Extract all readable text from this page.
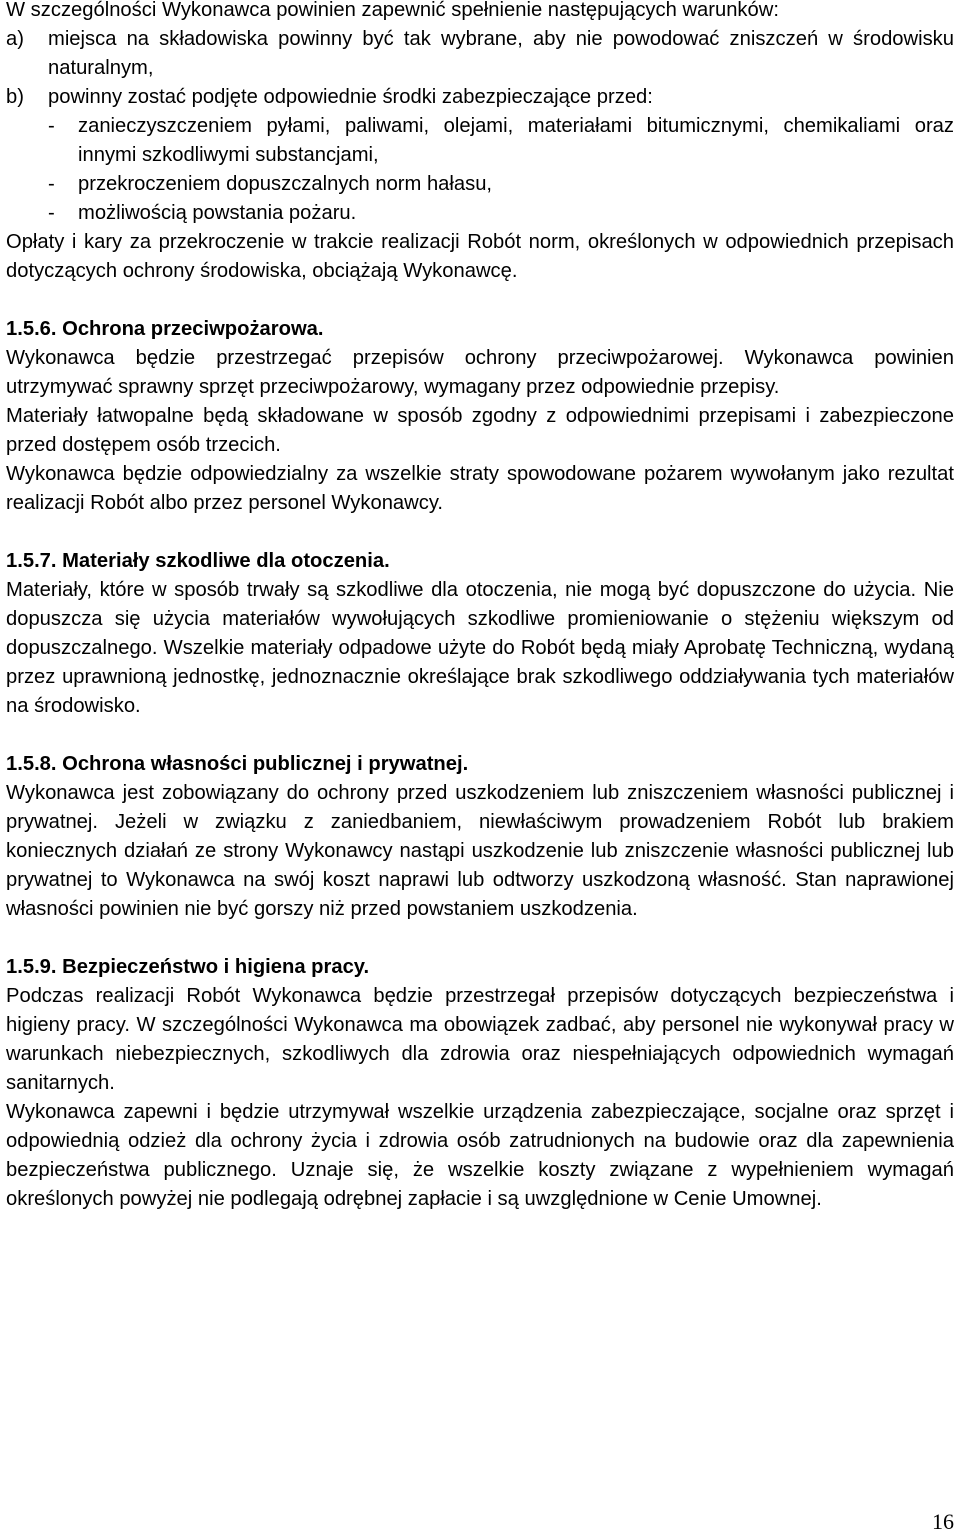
W szczególności Wykonawca powinien zapewnić spełnienie następujących warunków:

a) miejsca na składowiska powinny być tak wybrane, aby nie powodować zniszczeń w środowisku naturalnym,
b) powinny zostać podjęte odpowiednie środki zabezpieczające przed:
- zanieczyszczeniem pyłami, paliwami, olejami, materiałami bitumicznymi, chemikaliami oraz innymi szkodliwymi substancjami,
- przekroczeniem dopuszczalnych norm hałasu,
- możliwością powstania pożaru.

Opłaty i kary za przekroczenie w trakcie realizacji Robót norm, określonych w odpowiednich przepisach dotyczących ochrony środowiska, obciążają Wykonawcę.

1.5.6. Ochrona przeciwpożarowa.

Wykonawca będzie przestrzegać przepisów ochrony przeciwpożarowej. Wykonawca powinien utrzymywać sprawny sprzęt przeciwpożarowy, wymagany przez odpowiednie przepisy.

Materiały łatwopalne będą składowane w sposób zgodny z odpowiednimi przepisami i zabezpieczone przed dostępem osób trzecich.

Wykonawca będzie odpowiedzialny za wszelkie straty spowodowane pożarem wywołanym jako rezultat realizacji Robót albo przez personel Wykonawcy.

1.5.7. Materiały szkodliwe dla otoczenia.

Materiały, które w sposób trwały są szkodliwe dla otoczenia, nie mogą być dopuszczone do użycia. Nie dopuszcza się użycia materiałów wywołujących szkodliwe promieniowanie o stężeniu większym od dopuszczalnego. Wszelkie materiały odpadowe użyte do Robót będą miały Aprobatę Techniczną, wydaną przez uprawnioną jednostkę, jednoznacznie określające brak szkodliwego oddziaływania tych materiałów na środowisko.

1.5.8. Ochrona własności publicznej i prywatnej.

Wykonawca jest zobowiązany do ochrony przed uszkodzeniem lub zniszczeniem własności publicznej i prywatnej. Jeżeli w związku z zaniedbaniem, niewłaściwym prowadzeniem Robót lub brakiem koniecznych działań ze strony Wykonawcy nastąpi uszkodzenie lub zniszczenie własności publicznej lub prywatnej to Wykonawca na swój koszt naprawi lub odtworzy uszkodzoną własność. Stan naprawionej własności powinien nie być gorszy niż przed powstaniem uszkodzenia.

1.5.9. Bezpieczeństwo i higiena pracy.

Podczas realizacji Robót Wykonawca będzie przestrzegał przepisów dotyczących bezpieczeństwa i higieny pracy. W szczególności Wykonawca ma obowiązek zadbać, aby personel nie wykonywał pracy w warunkach niebezpiecznych, szkodliwych dla zdrowia oraz niespełniających odpowiednich wymagań sanitarnych.

Wykonawca zapewni i będzie utrzymywał wszelkie urządzenia zabezpieczające, socjalne oraz sprzęt i odpowiednią odzież dla ochrony życia i zdrowia osób zatrudnionych na budowie oraz dla zapewnienia bezpieczeństwa publicznego. Uznaje się, że wszelkie koszty związane z wypełnieniem wymagań określonych powyżej nie podlegają odrębnej zapłacie i są uwzględnione w Cenie Umownej.

16
